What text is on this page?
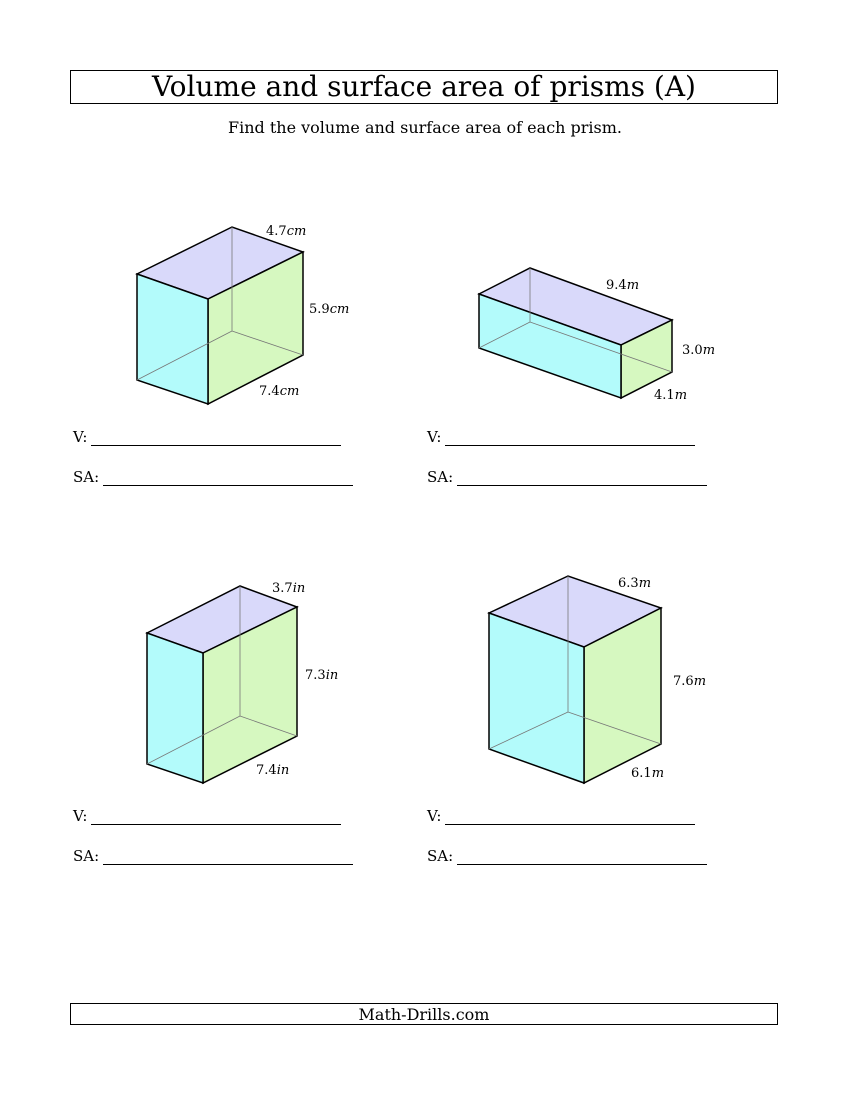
Volume and surface area of prisms (A)
Find the volume and surface area of each prism.
4.7cm
5.9cm
7.4cm
9.4m
3.0m
4.1m
3.7in
7.3in
7.4in
6.3m
7.6m
6.1m
V:
SA:
V:
SA:
V:
SA:
V:
SA:
Math-Drills.com
